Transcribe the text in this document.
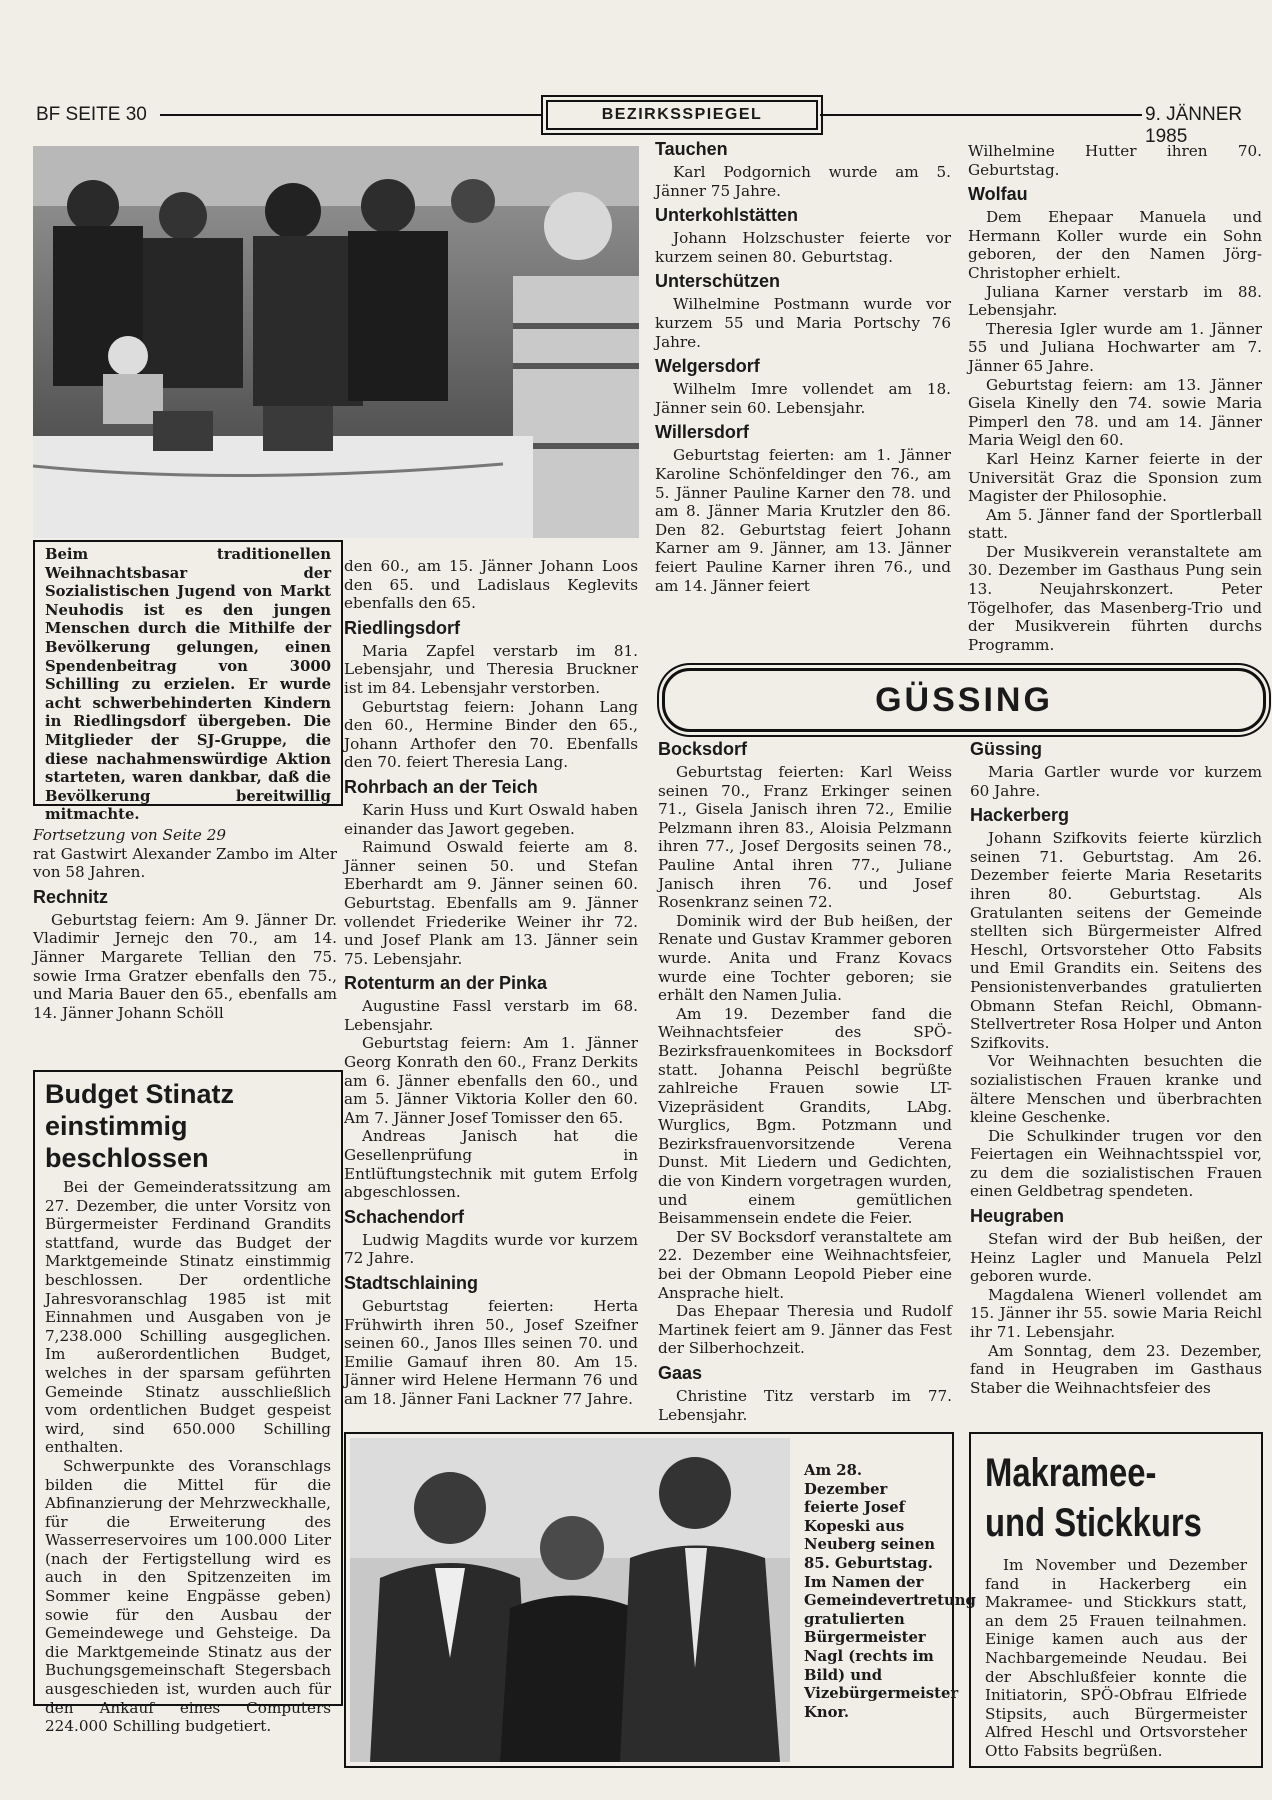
BF SEITE 30	BEZIRKSSPIEGEL	9. JÄNNER 1985
Beim traditionellen Weihnachtsbasar der Sozialistischen Jugend von Markt Neuhodis ist es den jungen Menschen durch die Mithilfe der Bevölkerung gelungen, einen Spendenbeitrag von 3000 Schilling zu erzielen. Er wurde acht schwerbehinderten Kindern in Riedlingsdorf übergeben. Die Mitglieder der SJ-Gruppe, die diese nachahmenswürdige Aktion starteten, waren dankbar, daß die Bevölkerung bereitwillig mitmachte.
Fortsetzung von Seite 29
rat Gastwirt Alexander Zambo im Alter von 58 Jahren.
Rechnitz
Geburtstag feiern: Am 9. Jänner Dr. Vladimir Jernejc den 70., am 14. Jänner Margarete Tellian den 75. sowie Irma Gratzer ebenfalls den 75., und Maria Bauer den 65., ebenfalls am 14. Jänner Johann Schöll
Budget Stinatz
einstimmig
beschlossen
Bei der Gemeinderatssitzung am 27. Dezember, die unter Vorsitz von Bürgermeister Ferdinand Grandits stattfand, wurde das Budget der Marktgemeinde Stinatz einstimmig beschlossen. Der ordentliche Jahresvoranschlag 1985 ist mit Einnahmen und Ausgaben von je 7,238.000 Schilling ausgeglichen. Im außerordentlichen Budget, welches in der sparsam geführten Gemeinde Stinatz ausschließlich vom ordentlichen Budget gespeist wird, sind 650.000 Schilling enthalten.
Schwerpunkte des Voranschlags bilden die Mittel für die Abfinanzierung der Mehrzweckhalle, für die Erweiterung des Wasserreservoires um 100.000 Liter (nach der Fertigstellung wird es auch in den Spitzenzeiten im Sommer keine Engpässe geben) sowie für den Ausbau der Gemeindewege und Gehsteige. Da die Marktgemeinde Stinatz aus der Buchungsgemeinschaft Stegersbach ausgeschieden ist, wurden auch für den Ankauf eines Computers 224.000 Schilling budgetiert.
den 60., am 15. Jänner Johann Loos den 65. und Ladislaus Keglevits ebenfalls den 65.
Riedlingsdorf
Maria Zapfel verstarb im 81. Lebensjahr, und Theresia Bruckner ist im 84. Lebensjahr verstorben.
Geburtstag feiern: Johann Lang den 60., Hermine Binder den 65., Johann Arthofer den 70. Ebenfalls den 70. feiert Theresia Lang.
Rohrbach an der Teich
Karin Huss und Kurt Oswald haben einander das Jawort gegeben.
Raimund Oswald feierte am 8. Jänner seinen 50. und Stefan Eberhardt am 9. Jänner seinen 60. Geburtstag. Ebenfalls am 9. Jänner vollendet Friederike Weiner ihr 72. und Josef Plank am 13. Jänner sein 75. Lebensjahr.
Rotenturm an der Pinka
Augustine Fassl verstarb im 68. Lebensjahr.
Geburtstag feiern: Am 1. Jänner Georg Konrath den 60., Franz Derkits am 6. Jänner ebenfalls den 60., und am 5. Jänner Viktoria Koller den 60. Am 7. Jänner Josef Tomisser den 65.
Andreas Janisch hat die Gesellenprüfung in Entlüftungstechnik mit gutem Erfolg abgeschlossen.
Schachendorf
Ludwig Magdits wurde vor kurzem 72 Jahre.
Stadtschlaining
Geburtstag feierten: Herta Frühwirth ihren 50., Josef Szeifner seinen 60., Janos Illes seinen 70. und Emilie Gamauf ihren 80. Am 15. Jänner wird Helene Hermann 76 und am 18. Jänner Fani Lackner 77 Jahre.
Tauchen
Karl Podgornich wurde am 5. Jänner 75 Jahre.
Unterkohlstätten
Johann Holzschuster feierte vor kurzem seinen 80. Geburtstag.
Unterschützen
Wilhelmine Postmann wurde vor kurzem 55 und Maria Portschy 76 Jahre.
Welgersdorf
Wilhelm Imre vollendet am 18. Jänner sein 60. Lebensjahr.
Willersdorf
Geburtstag feierten: am 1. Jänner Karoline Schönfeldinger den 76., am 5. Jänner Pauline Karner den 78. und am 8. Jänner Maria Krutzler den 86. Den 82. Geburtstag feiert Johann Karner am 9. Jänner, am 13. Jänner feiert Pauline Karner ihren 76., und am 14. Jänner feiert
Wilhelmine Hutter ihren 70. Geburtstag.
Wolfau
Dem Ehepaar Manuela und Hermann Koller wurde ein Sohn geboren, der den Namen Jörg-Christopher erhielt.
Juliana Karner verstarb im 88. Lebensjahr.
Theresia Igler wurde am 1. Jänner 55 und Juliana Hochwarter am 7. Jänner 65 Jahre.
Geburtstag feiern: am 13. Jänner Gisela Kinelly den 74. sowie Maria Pimperl den 78. und am 14. Jänner Maria Weigl den 60.
Karl Heinz Karner feierte in der Universität Graz die Sponsion zum Magister der Philosophie.
Am 5. Jänner fand der Sportlerball statt.
Der Musikverein veranstaltete am 30. Dezember im Gasthaus Pung sein 13. Neujahrskonzert. Peter Tögelhofer, das Masenberg-Trio und der Musikverein führten durchs Programm.
GÜSSING
Bocksdorf
Geburtstag feierten: Karl Weiss seinen 70., Franz Erkinger seinen 71., Gisela Janisch ihren 72., Emilie Pelzmann ihren 83., Aloisia Pelzmann ihren 77., Josef Dergosits seinen 78., Pauline Antal ihren 77., Juliane Janisch ihren 76. und Josef Rosenkranz seinen 72.
Dominik wird der Bub heißen, der Renate und Gustav Krammer geboren wurde. Anita und Franz Kovacs wurde eine Tochter geboren; sie erhält den Namen Julia.
Am 19. Dezember fand die Weihnachtsfeier des SPÖ-Bezirksfrauenkomitees in Bocksdorf statt. Johanna Peischl begrüßte zahlreiche Frauen sowie LT-Vizepräsident Grandits, LAbg. Wurglics, Bgm. Potzmann und Bezirksfrauenvorsitzende Verena Dunst. Mit Liedern und Gedichten, die von Kindern vorgetragen wurden, und einem gemütlichen Beisammensein endete die Feier.
Der SV Bocksdorf veranstaltete am 22. Dezember eine Weihnachtsfeier, bei der Obmann Leopold Pieber eine Ansprache hielt.
Das Ehepaar Theresia und Rudolf Martinek feiert am 9. Jänner das Fest der Silberhochzeit.
Gaas
Christine Titz verstarb im 77. Lebensjahr.
Güssing
Maria Gartler wurde vor kurzem 60 Jahre.
Hackerberg
Johann Szifkovits feierte kürzlich seinen 71. Geburtstag. Am 26. Dezember feierte Maria Resetarits ihren 80. Geburtstag. Als Gratulanten seitens der Gemeinde stellten sich Bürgermeister Alfred Heschl, Ortsvorsteher Otto Fabsits und Emil Grandits ein. Seitens des Pensionistenverbandes gratulierten Obmann Stefan Reichl, Obmann-Stellvertreter Rosa Holper und Anton Szifkovits.
Vor Weihnachten besuchten die sozialistischen Frauen kranke und ältere Menschen und überbrachten kleine Geschenke.
Die Schulkinder trugen vor den Feiertagen ein Weihnachtsspiel vor, zu dem die sozialistischen Frauen einen Geldbetrag spendeten.
Heugraben
Stefan wird der Bub heißen, der Heinz Lagler und Manuela Pelzl geboren wurde.
Magdalena Wienerl vollendet am 15. Jänner ihr 55. sowie Maria Reichl ihr 71. Lebensjahr.
Am Sonntag, dem 23. Dezember, fand in Heugraben im Gasthaus Staber die Weihnachtsfeier des
Am 28. Dezember feierte Josef Kopeski aus Neuberg seinen 85. Geburtstag. Im Namen der Gemeindevertretung gratulierten Bürgermeister Nagl (rechts im Bild) und Vizebürgermeister Knor.
Makramee-
und Stickkurs
Im November und Dezember fand in Hackerberg ein Makramee- und Stickkurs statt, an dem 25 Frauen teilnahmen. Einige kamen auch aus der Nachbargemeinde Neudau. Bei der Abschlußfeier konnte die Initiatorin, SPÖ-Obfrau Elfriede Stipsits, auch Bürgermeister Alfred Heschl und Ortsvorsteher Otto Fabsits begrüßen.
